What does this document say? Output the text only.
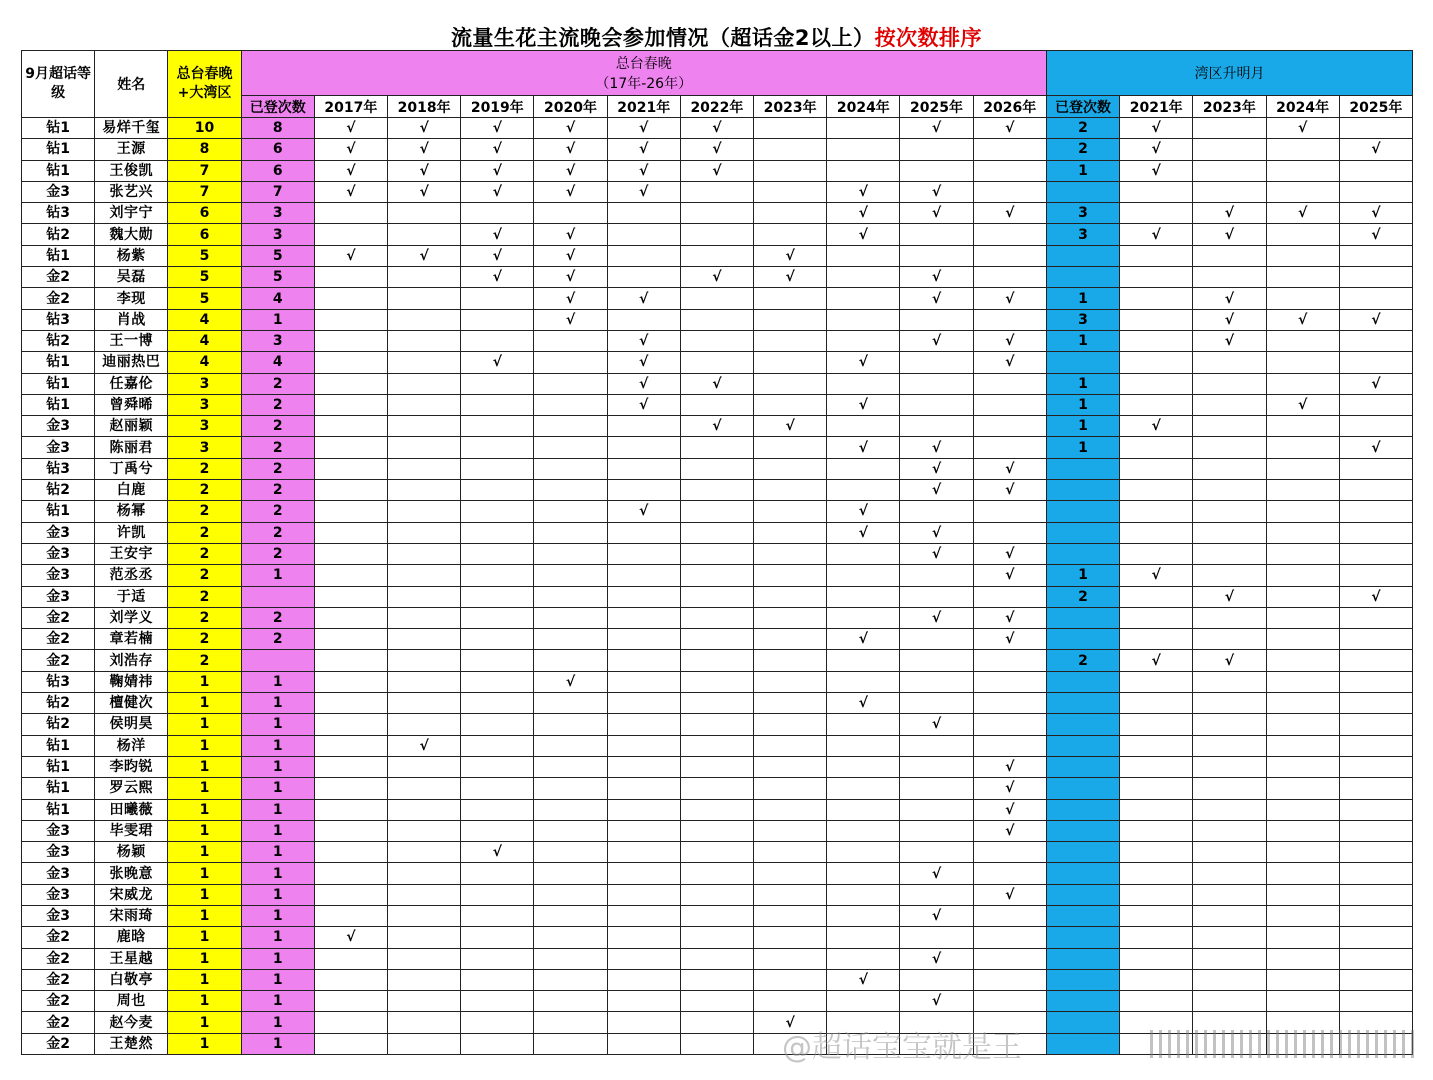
流量生花主流晚会参加情况（超话金2以上）按次数排序
9月超话等级	姓名	总台春晚+大湾区	总台春晚
（17年-26年）											湾区升明月				
			已登次数	2017年	2018年	2019年	2020年	2021年	2022年	2023年	2024年	2025年	2026年	已登次数	2021年	2023年	2024年	2025年
钻1	易烊千玺	10	8	√	√	√	√	√	√			√	√	2	√		√	
钻1	王源	8	6	√	√	√	√	√	√					2	√			√
钻1	王俊凯	7	6	√	√	√	√	√	√					1	√			
金3	张艺兴	7	7	√	√	√	√	√			√	√						
钻3	刘宇宁	6	3								√	√	√	3		√	√	√
钻2	魏大勋	6	3			√	√				√			3	√	√		√
钻1	杨紫	5	5	√	√	√	√			√								
金2	吴磊	5	5			√	√		√	√		√						
金2	李现	5	4				√	√				√	√	1		√		
钻3	肖战	4	1				√							3		√	√	√
钻2	王一博	4	3					√				√	√	1		√		
钻1	迪丽热巴	4	4			√		√			√		√					
钻1	任嘉伦	3	2					√	√					1				√
钻1	曾舜晞	3	2					√			√			1			√	
金3	赵丽颖	3	2						√	√				1	√			
金3	陈丽君	3	2								√	√		1				√
钻3	丁禹兮	2	2									√	√					
钻2	白鹿	2	2									√	√					
钻1	杨幂	2	2					√			√							
金3	许凯	2	2								√	√						
金3	王安宇	2	2									√	√					
金3	范丞丞	2	1										√	1	√			
金3	于适	2												2		√		√
金2	刘学义	2	2									√	√					
金2	章若楠	2	2								√		√					
金2	刘浩存	2												2	√	√		
钻3	鞠婧祎	1	1				√											
钻2	檀健次	1	1								√							
钻2	侯明昊	1	1									√						
钻1	杨洋	1	1		√													
钻1	李昀锐	1	1										√					
钻1	罗云熙	1	1										√					
钻1	田曦薇	1	1										√					
金3	毕雯珺	1	1										√					
金3	杨颖	1	1			√												
金3	张晚意	1	1									√						
金3	宋威龙	1	1										√					
金3	宋雨琦	1	1									√						
金2	鹿晗	1	1	√														
金2	王星越	1	1									√						
金2	白敬亭	1	1								√							
金2	周也	1	1									√						
金2	赵今麦	1	1							√								
金2	王楚然	1	1																@超话宝宝就是王
